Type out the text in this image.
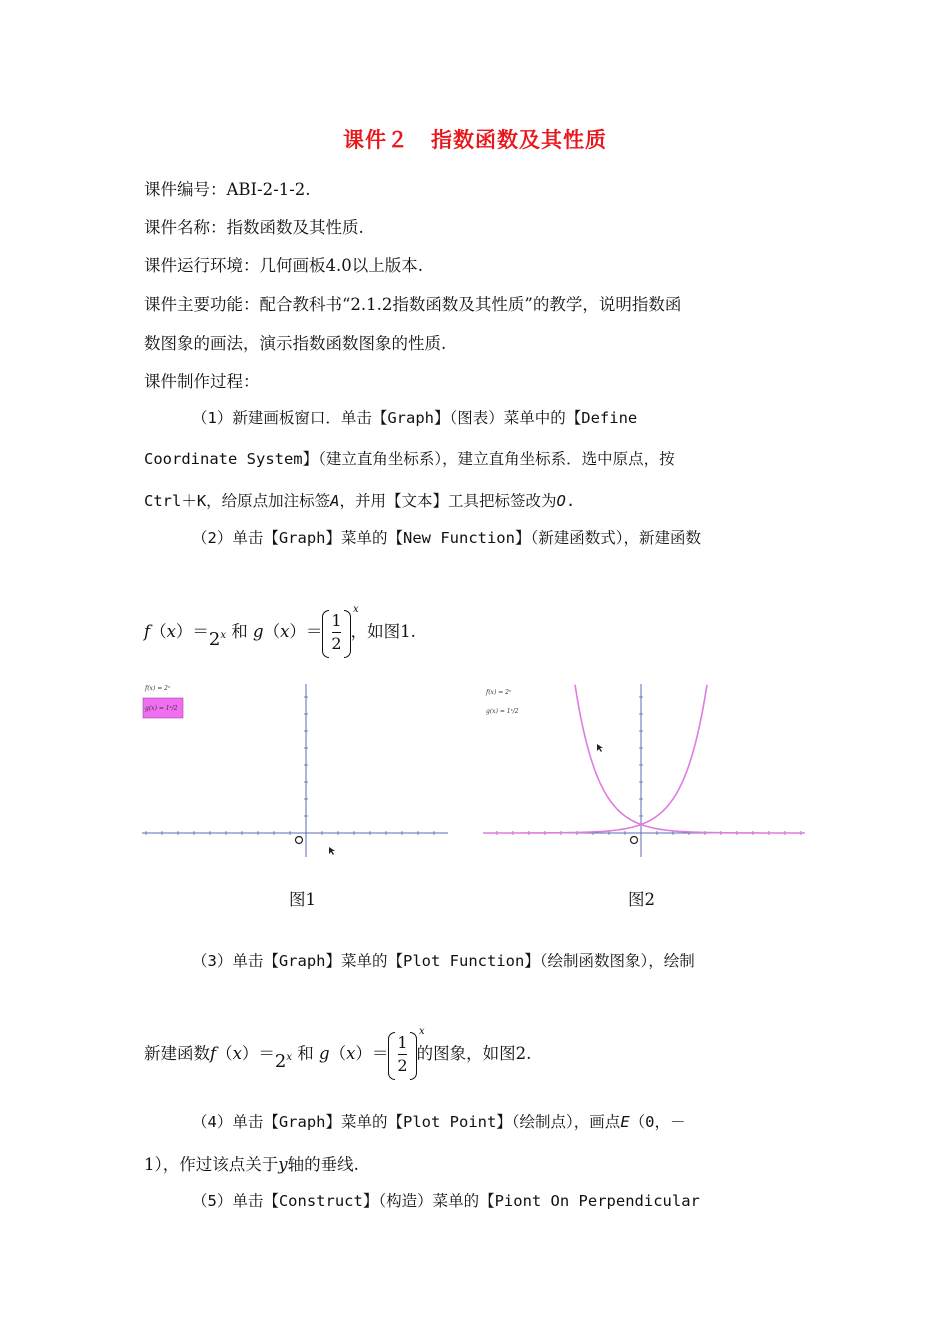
课件２　指数函数及其性质
课件编号：ABⅠ-2-1-2.
课件名称：指数函数及其性质.
课件运行环境：几何画板4.0以上版本.
课件主要功能：配合教科书“2.1.2指数函数及其性质”的教学，说明指数函
数图象的画法，演示指数函数图象的性质.
课件制作过程：
（1）新建画板窗口．单击【Graph】（图表）菜单中的【Define
Coordinate System】（建立直角坐标系），建立直角坐标系．选中原点，按
Ctrl＋K，给原点加注标签A，并用【文本】工具把标签改为O.
（2）单击【Graph】菜单的【New Function】（新建函数式），新建函数
$f(x)=2^x$ 和 g（x）＝
1
2
x
，如图1.
f(x) = 2ˣ
g(x) = 1ˣ/2
f(x) = 2ˣ
g(x) = 1ˣ/2
图1	图2
（3）单击【Graph】菜单的【Plot Function】（绘制函数图象），绘制
新建函数$f(x)=2^x$ 和 g（x）＝
1
2
x
的图象，如图2.
（4）单击【Graph】菜单的【Plot Point】（绘制点），画点E（0，－
1），作过该点关于y轴的垂线.
（5）单击【Construct】（构造）菜单的【Piont On Perpendicular
